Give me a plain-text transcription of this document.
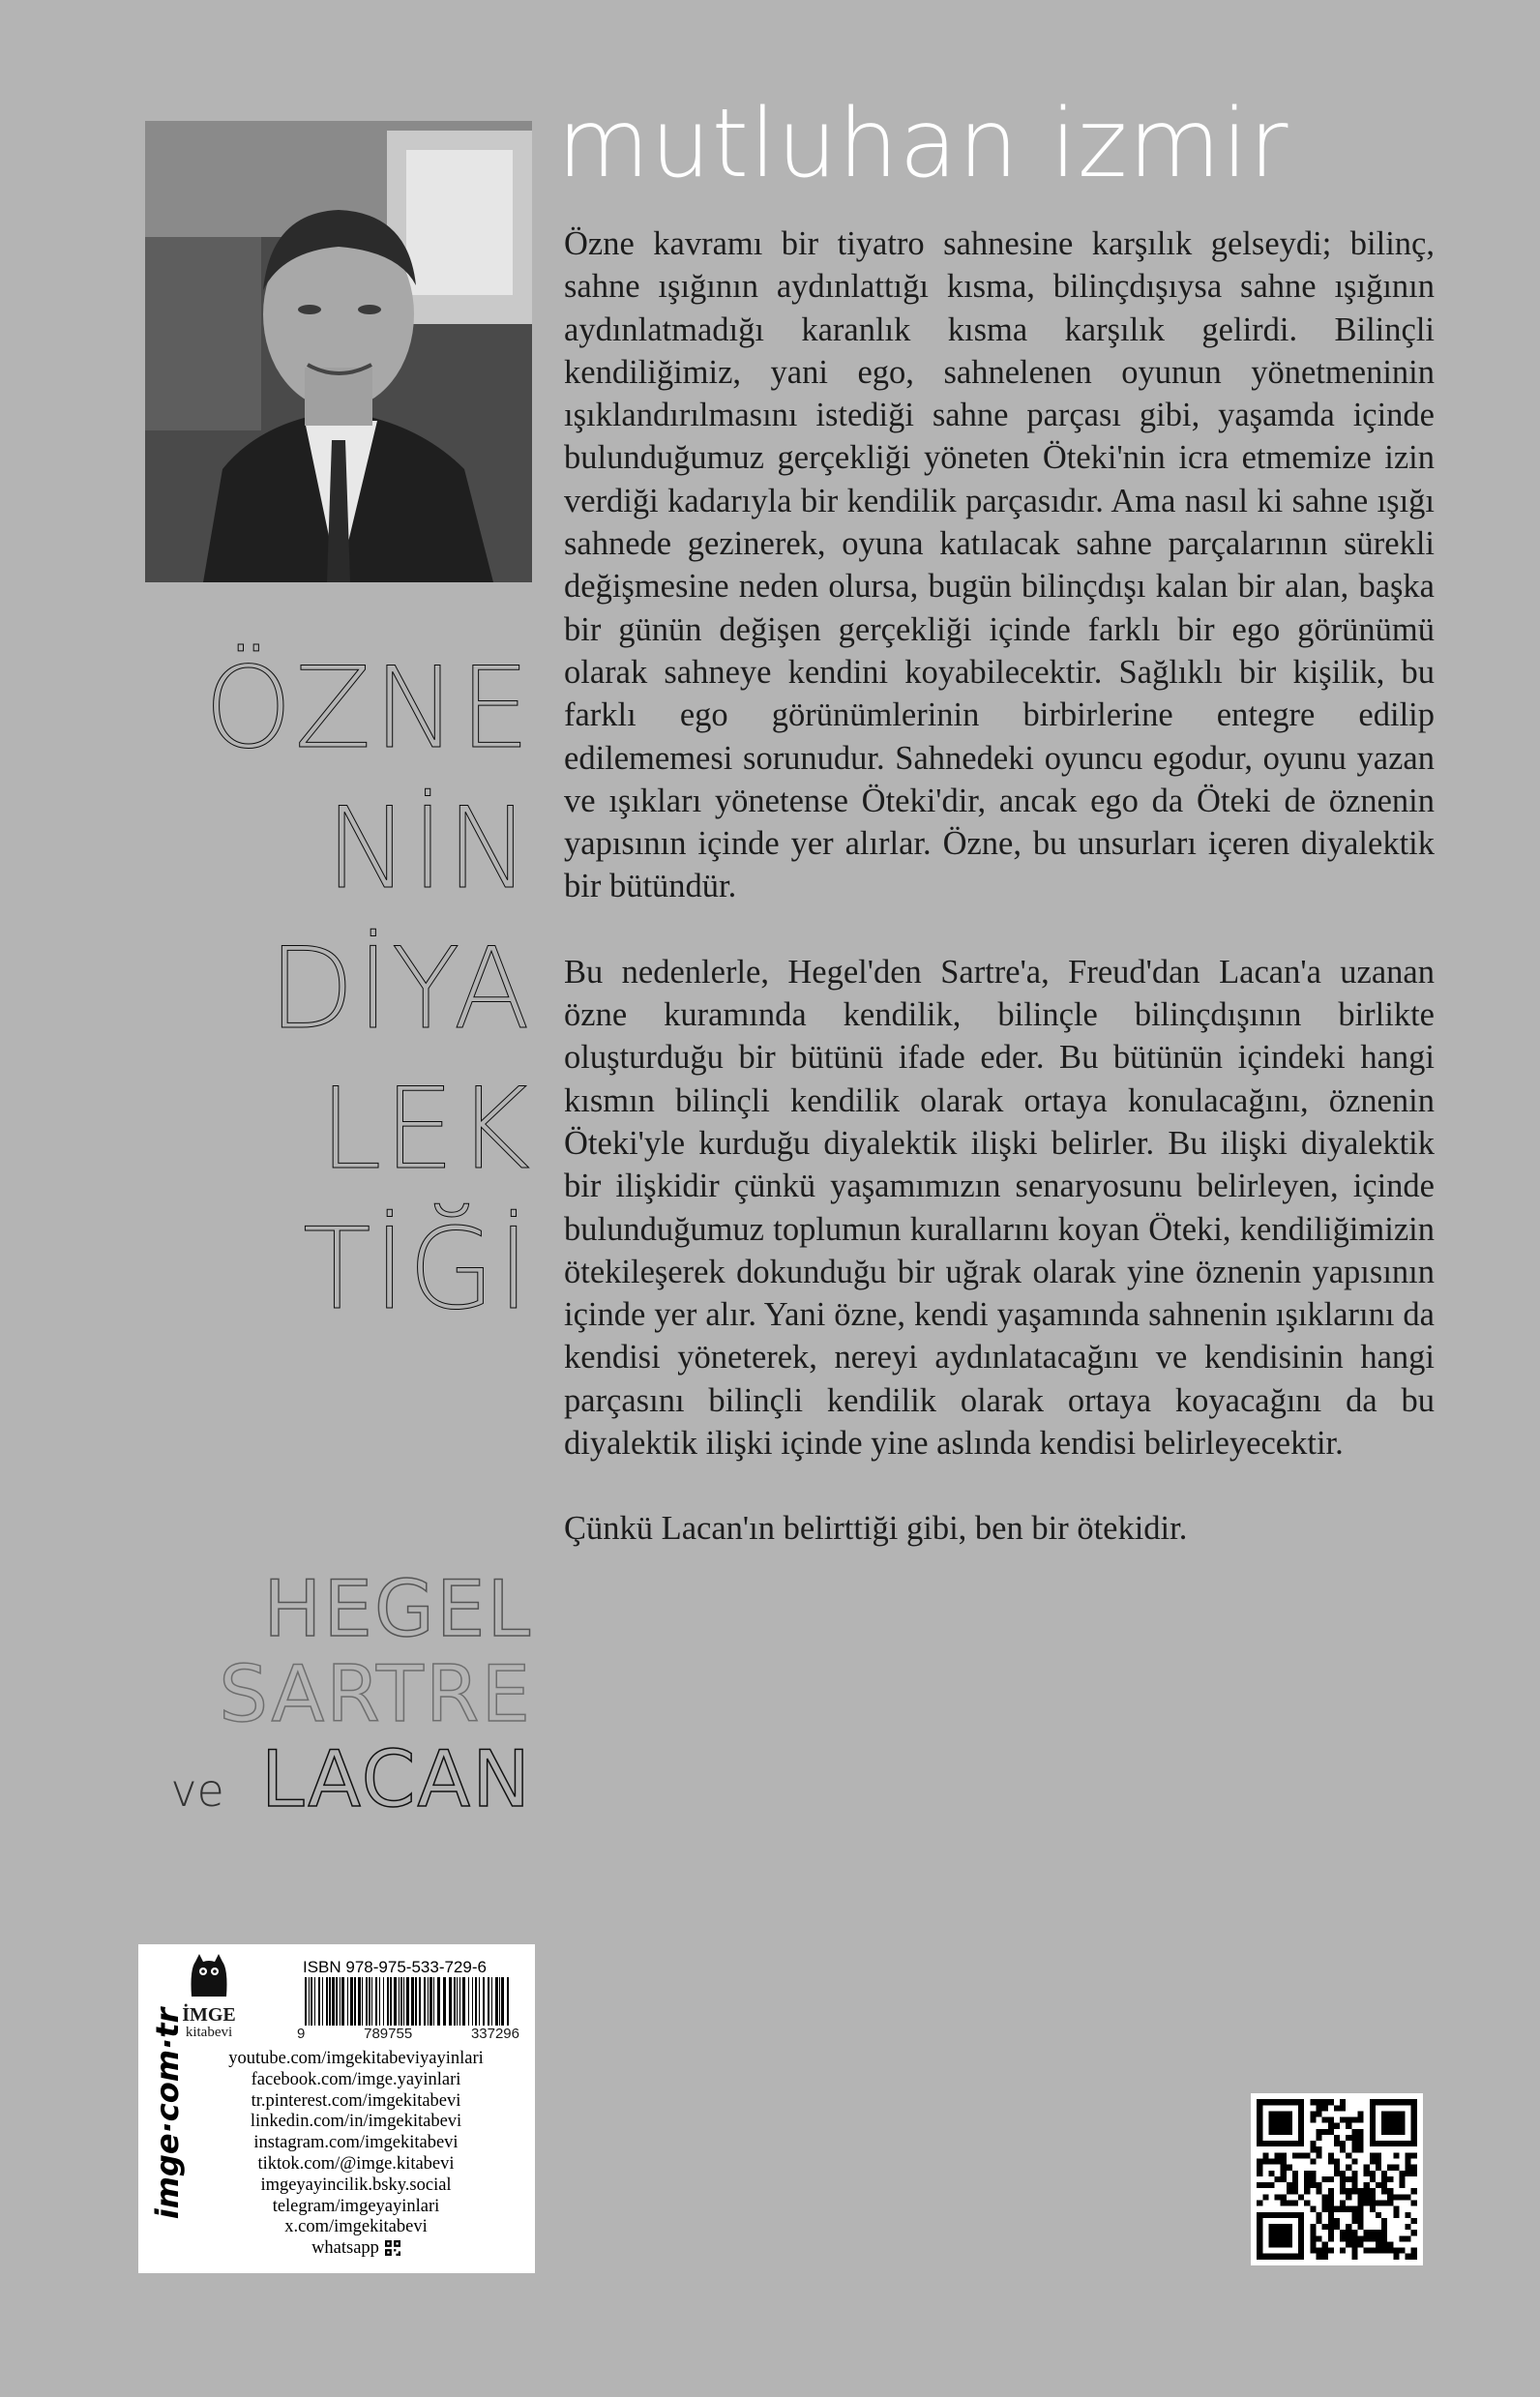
mutluhan izmir

Özne kavramı bir tiyatro sahnesine karşılık gelseydi; bilinç, sahne ışığının aydınlattığı kısma, bilinçdışıysa sahne ışığının aydınlatmadığı karanlık kısma karşılık gelirdi. Bilinçli kendiliğimiz, yani ego, sahnelenen oyunun yönetmeninin ışıklandırılmasını istediği sahne parçası gibi, yaşamda içinde bulunduğumuz gerçekliği yöneten Öteki'nin icra etmemize izin verdiği kadarıyla bir kendilik parçasıdır. Ama nasıl ki sahne ışığı sahnede gezinerek, oyuna katılacak sahne parçalarının sürekli değişmesine neden olursa, bugün bilinçdışı kalan bir alan, başka bir günün değişen gerçekliği içinde farklı bir ego görünümü olarak sahneye kendini koyabilecektir. Sağlıklı bir kişilik, bu farklı ego görünümlerinin birbirlerine entegre edilip edilememesi sorunudur. Sahnedeki oyuncu egodur, oyunu yazan ve ışıkları yönetense Öteki'dir, ancak ego da Öteki de öznenin yapısının içinde yer alırlar. Özne, bu unsurları içeren diyalektik bir bütündür.

Bu nedenlerle, Hegel'den Sartre'a, Freud'dan Lacan'a uzanan özne kuramında kendilik, bilinçle bilinçdışının birlikte oluşturduğu bir bütünü ifade eder. Bu bütünün içindeki hangi kısmın bilinçli kendilik olarak ortaya konulacağını, öznenin Öteki'yle kurduğu diyalektik ilişki belirler. Bu ilişki diyalektik bir ilişkidir çünkü yaşamımızın senaryosunu belirleyen, içinde bulunduğumuz toplumun kurallarını koyan Öteki, kendiliğimizin ötekileşerek dokunduğu bir uğrak olarak yine öznenin yapısının içinde yer alır. Yani özne, kendi yaşamında sahnenin ışıklarını da kendisi yöneterek, nereyi aydınlatacağını ve kendisinin hangi parçasını bilinçli kendilik olarak ortaya koyacağını da bu diyalektik ilişki içinde yine aslında kendisi belirleyecektir.

Çünkü Lacan'ın belirttiği gibi, ben bir ötekidir.

ÖZNE
NİN
DİYA
LEK
TİĞİ
HEGEL
SARTRE
ve LACAN
imge·com·tr
İMGE
kitabevi
ISBN 978-975-533-729-6
9	789755	337296
youtube.com/imgekitabeviyayinlari
facebook.com/imge.yayinlari
tr.pinterest.com/imgekitabevi
linkedin.com/in/imgekitabevi
instagram.com/imgekitabevi
tiktok.com/@imge.kitabevi
imgeyayincilik.bsky.social
telegram/imgeyayinlari
x.com/imgekitabevi
whatsapp
